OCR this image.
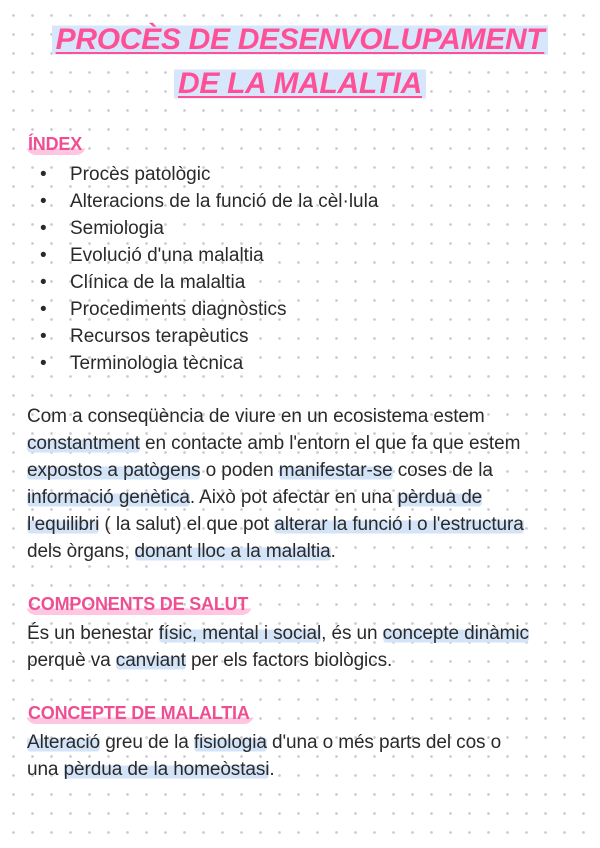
PROCÈS DE DESENVOLUPAMENT
DE LA MALALTIA
ÍNDEX
• Procès patològic
• Alteracions de la funció de la cèl·lula
• Semiologia
• Evolució d'una malaltia
• Clínica de la malaltia
• Procediments diagnòstics
• Recursos terapèutics
• Terminologia tècnica
Com a conseqüència de viure en un ecosistema estem
constantment en contacte amb l'entorn el que fa que estem
expostos a patògens o poden manifestar-se coses de la
informació genètica. Això pot afectar en una pèrdua de
l'equilibri ( la salut) el que pot alterar la funció i o l'estructura
dels òrgans, donant lloc a la malaltia.
COMPONENTS DE SALUT
És un benestar físic, mental i social, és un concepte dinàmic
perquè va canviant per els factors biològics.
CONCEPTE DE MALALTIA
Alteració greu de la fisiologia d'una o més parts del cos o
una pèrdua de la homeòstasi.
